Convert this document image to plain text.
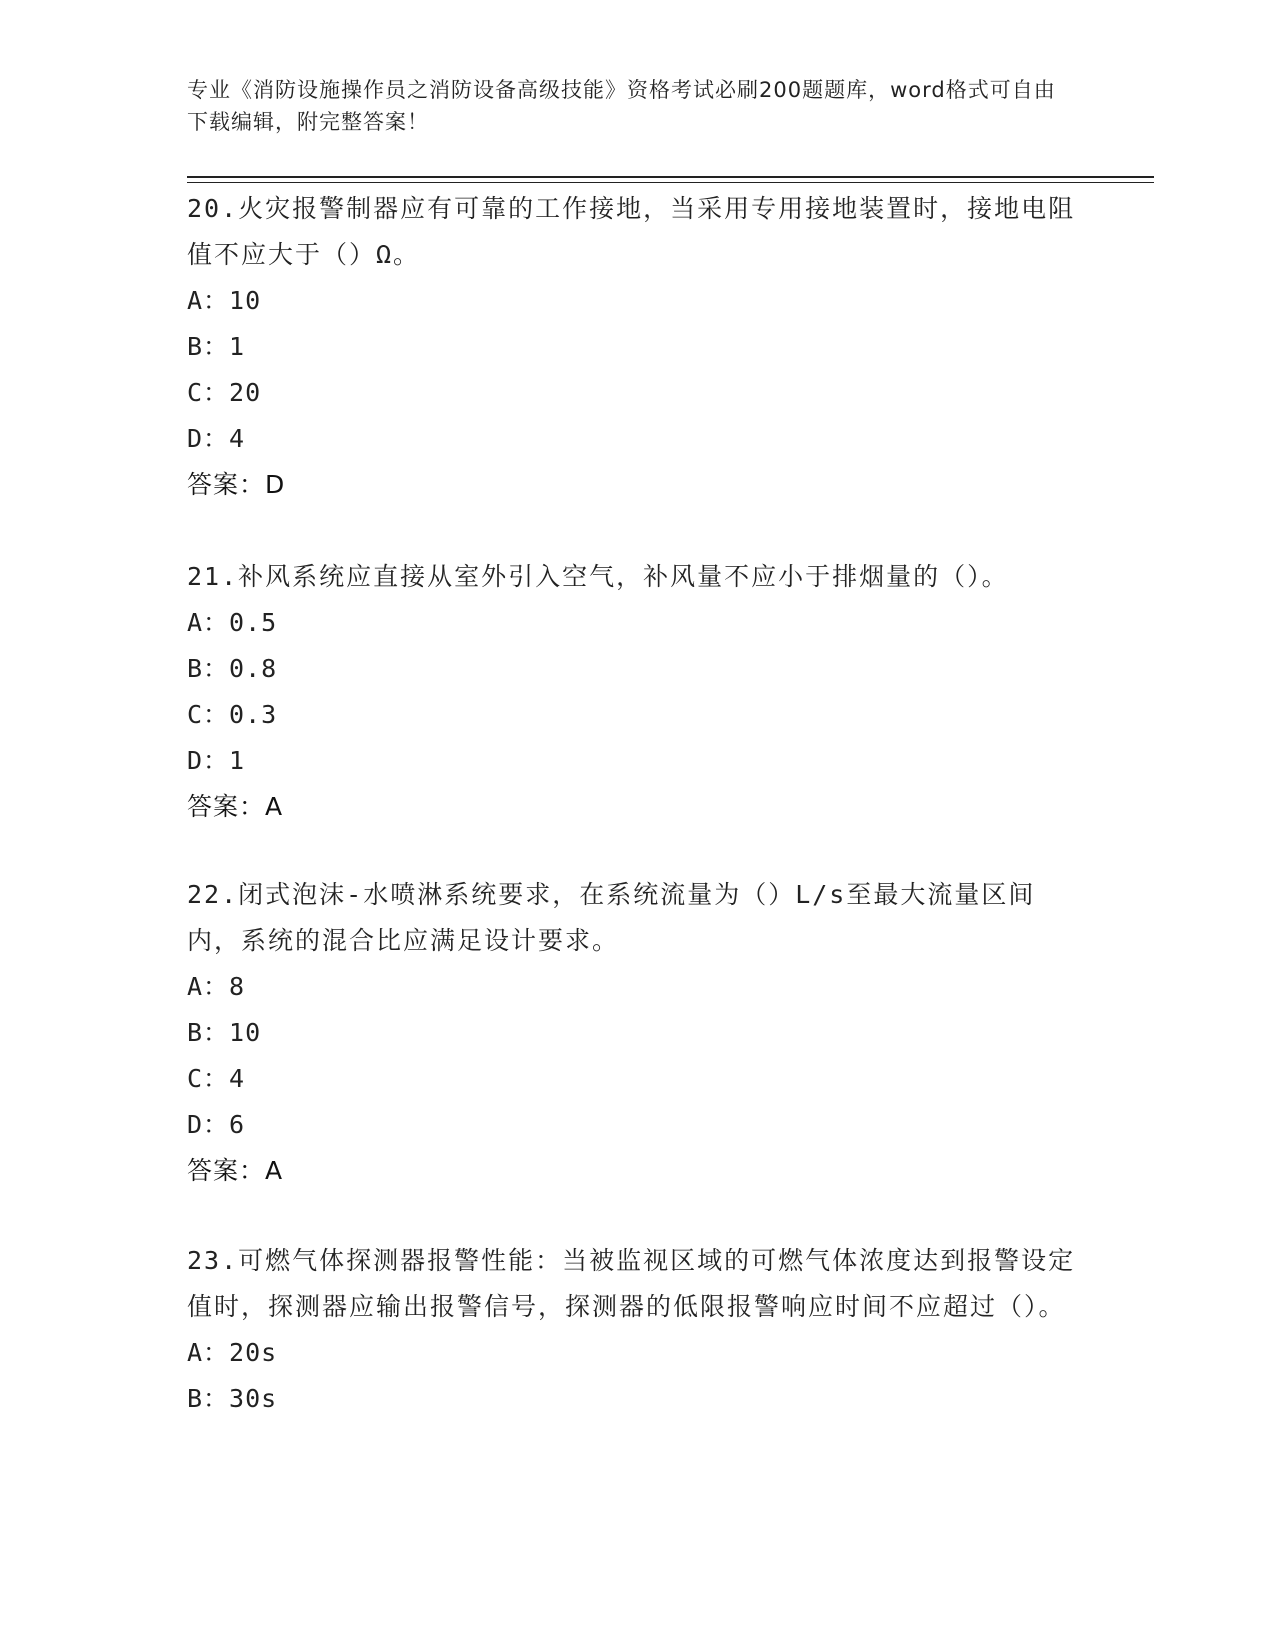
专业《消防设施操作员之消防设备高级技能》资格考试必刷200题题库，word格式可自由下载编辑，附完整答案！

20.火灾报警制器应有可靠的工作接地，当采用专用接地装置时，接地电阻值不应大于（）Ω。

A：10
B：1
C：20
D：4
答案：D

21.补风系统应直接从室外引入空气，补风量不应小于排烟量的（）。

A：0.5
B：0.8
C：0.3
D：1
答案：A

22.闭式泡沫-水喷淋系统要求，在系统流量为（）L/s至最大流量区间内，系统的混合比应满足设计要求。

A：8
B：10
C：4
D：6
答案：A

23.可燃气体探测器报警性能：当被监视区域的可燃气体浓度达到报警设定值时，探测器应输出报警信号，探测器的低限报警响应时间不应超过（）。

A：20s
B：30s
